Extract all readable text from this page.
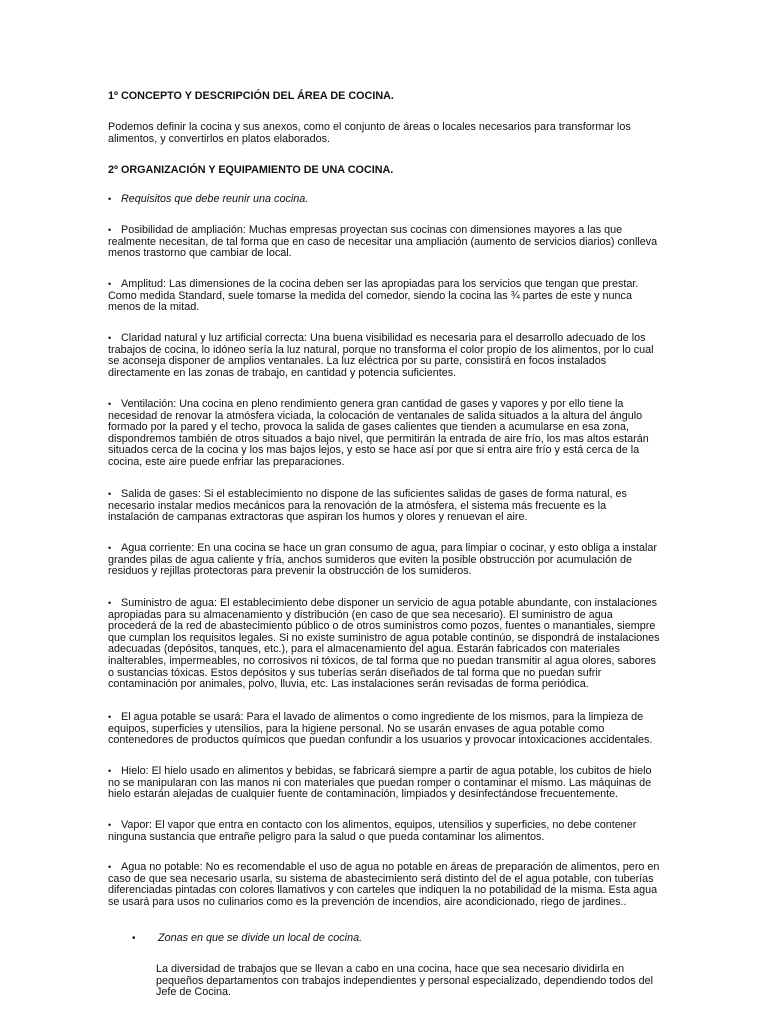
1º CONCEPTO Y DESCRIPCIÓN DEL ÁREA DE COCINA.

Podemos definir la cocina y sus anexos, como el conjunto de áreas o locales necesarios para transformar los alimentos, y convertirlos en platos elaborados.

2º ORGANIZACIÓN Y EQUIPAMIENTO DE UNA COCINA.

• Requisitos que debe reunir una cocina.

• Posibilidad de ampliación: Muchas empresas proyectan sus cocinas con dimensiones mayores a las que realmente necesitan, de tal forma que en caso de necesitar una ampliación (aumento de servicios diarios) conlleva menos trastorno que cambiar de local.

• Amplitud: Las dimensiones de la cocina deben ser las apropiadas para los servicios que tengan que prestar. Como medida Standard, suele tomarse la medida del comedor, siendo la cocina las ¾ partes de este y nunca menos de la mitad.

• Claridad natural y luz artificial correcta: Una buena visibilidad es necesaria para el desarrollo adecuado de los trabajos de cocina, lo idóneo sería la luz natural, porque no transforma el color propio de los alimentos, por lo cual se aconseja disponer de amplios ventanales. La luz eléctrica por su parte, consistirá en focos instalados directamente en las zonas de trabajo, en cantidad y potencia suficientes.

• Ventilación: Una cocina en pleno rendimiento genera gran cantidad de gases y vapores y por ello tiene la necesidad de renovar la atmósfera viciada, la colocación de ventanales de salida situados a la altura del ángulo formado por la pared y el techo, provoca la salida de gases calientes que tienden a acumularse en esa zona, dispondremos también de otros situados a bajo nivel, que permitirán la entrada de aire frío, los mas altos estarán situados cerca de la cocina y los mas bajos lejos, y esto se hace así por que si entra aire frío y está cerca de la cocina, este aire puede enfriar las preparaciones.

• Salida de gases: Si el establecimiento no dispone de las suficientes salidas de gases de forma natural, es necesario instalar medios mecánicos para la renovación de la atmósfera, el sistema más frecuente es la instalación de campanas extractoras que aspiran los humos y olores y renuevan el aire.

• Agua corriente: En una cocina se hace un gran consumo de agua, para limpiar o cocinar, y esto obliga a instalar grandes pilas de agua caliente y fría, anchos sumideros que eviten la posible obstrucción por acumulación de residuos y rejillas protectoras para prevenir la obstrucción de los sumideros.

• Suministro de agua: El establecimiento debe disponer un servicio de agua potable abundante, con instalaciones apropiadas para su almacenamiento y distribución (en caso de que sea necesario). El suministro de agua procederá de la red de abastecimiento público o de otros suministros como pozos, fuentes o manantiales, siempre que cumplan los requisitos legales. Si no existe suministro de agua potable continúo, se dispondrá de instalaciones adecuadas (depósitos, tanques, etc.), para el almacenamiento del agua. Estarán fabricados con materiales inalterables, impermeables, no corrosivos ni tóxicos, de tal forma que no puedan transmitir al agua olores, sabores o sustancias tóxicas. Estos depósitos y sus tuberías serán diseñados de tal forma que no puedan sufrir contaminación por animales, polvo, lluvia, etc. Las instalaciones serán revisadas de forma periódica.

• El agua potable se usará: Para el lavado de alimentos o como ingrediente de los mismos, para la limpieza de equipos, superficies y utensilios, para la higiene personal. No se usarán envases de agua potable como contenedores de productos químicos que puedan confundir a los usuarios y provocar intoxicaciones accidentales.

• Hielo: El hielo usado en alimentos y bebidas, se fabricará siempre a partir de agua potable, los cubitos de hielo no se manipularan con las manos ni con materiales que puedan romper o contaminar el mismo. Las máquinas de hielo estarán alejadas de cualquier fuente de contaminación, limpiados y desinfectándose frecuentemente.

• Vapor: El vapor que entra en contacto con los alimentos, equipos, utensilios y superficies, no debe contener ninguna sustancia que entrañe peligro para la salud o que pueda contaminar los alimentos.

• Agua no potable: No es recomendable el uso de agua no potable en áreas de preparación de alimentos, pero en caso de que sea necesario usarla, su sistema de abastecimiento será distinto del de el agua potable, con tuberías diferenciadas pintadas con colores llamativos y con carteles que indiquen la no potabilidad de la misma. Esta agua se usará para usos no culinarios como es la prevención de incendios, aire acondicionado, riego de jardines..

• Zonas en que se divide un local de cocina.

La diversidad de trabajos que se llevan a cabo en una cocina, hace que sea necesario dividirla en pequeños departamentos con trabajos independientes y personal especializado, dependiendo todos del Jefe de Cocina.
